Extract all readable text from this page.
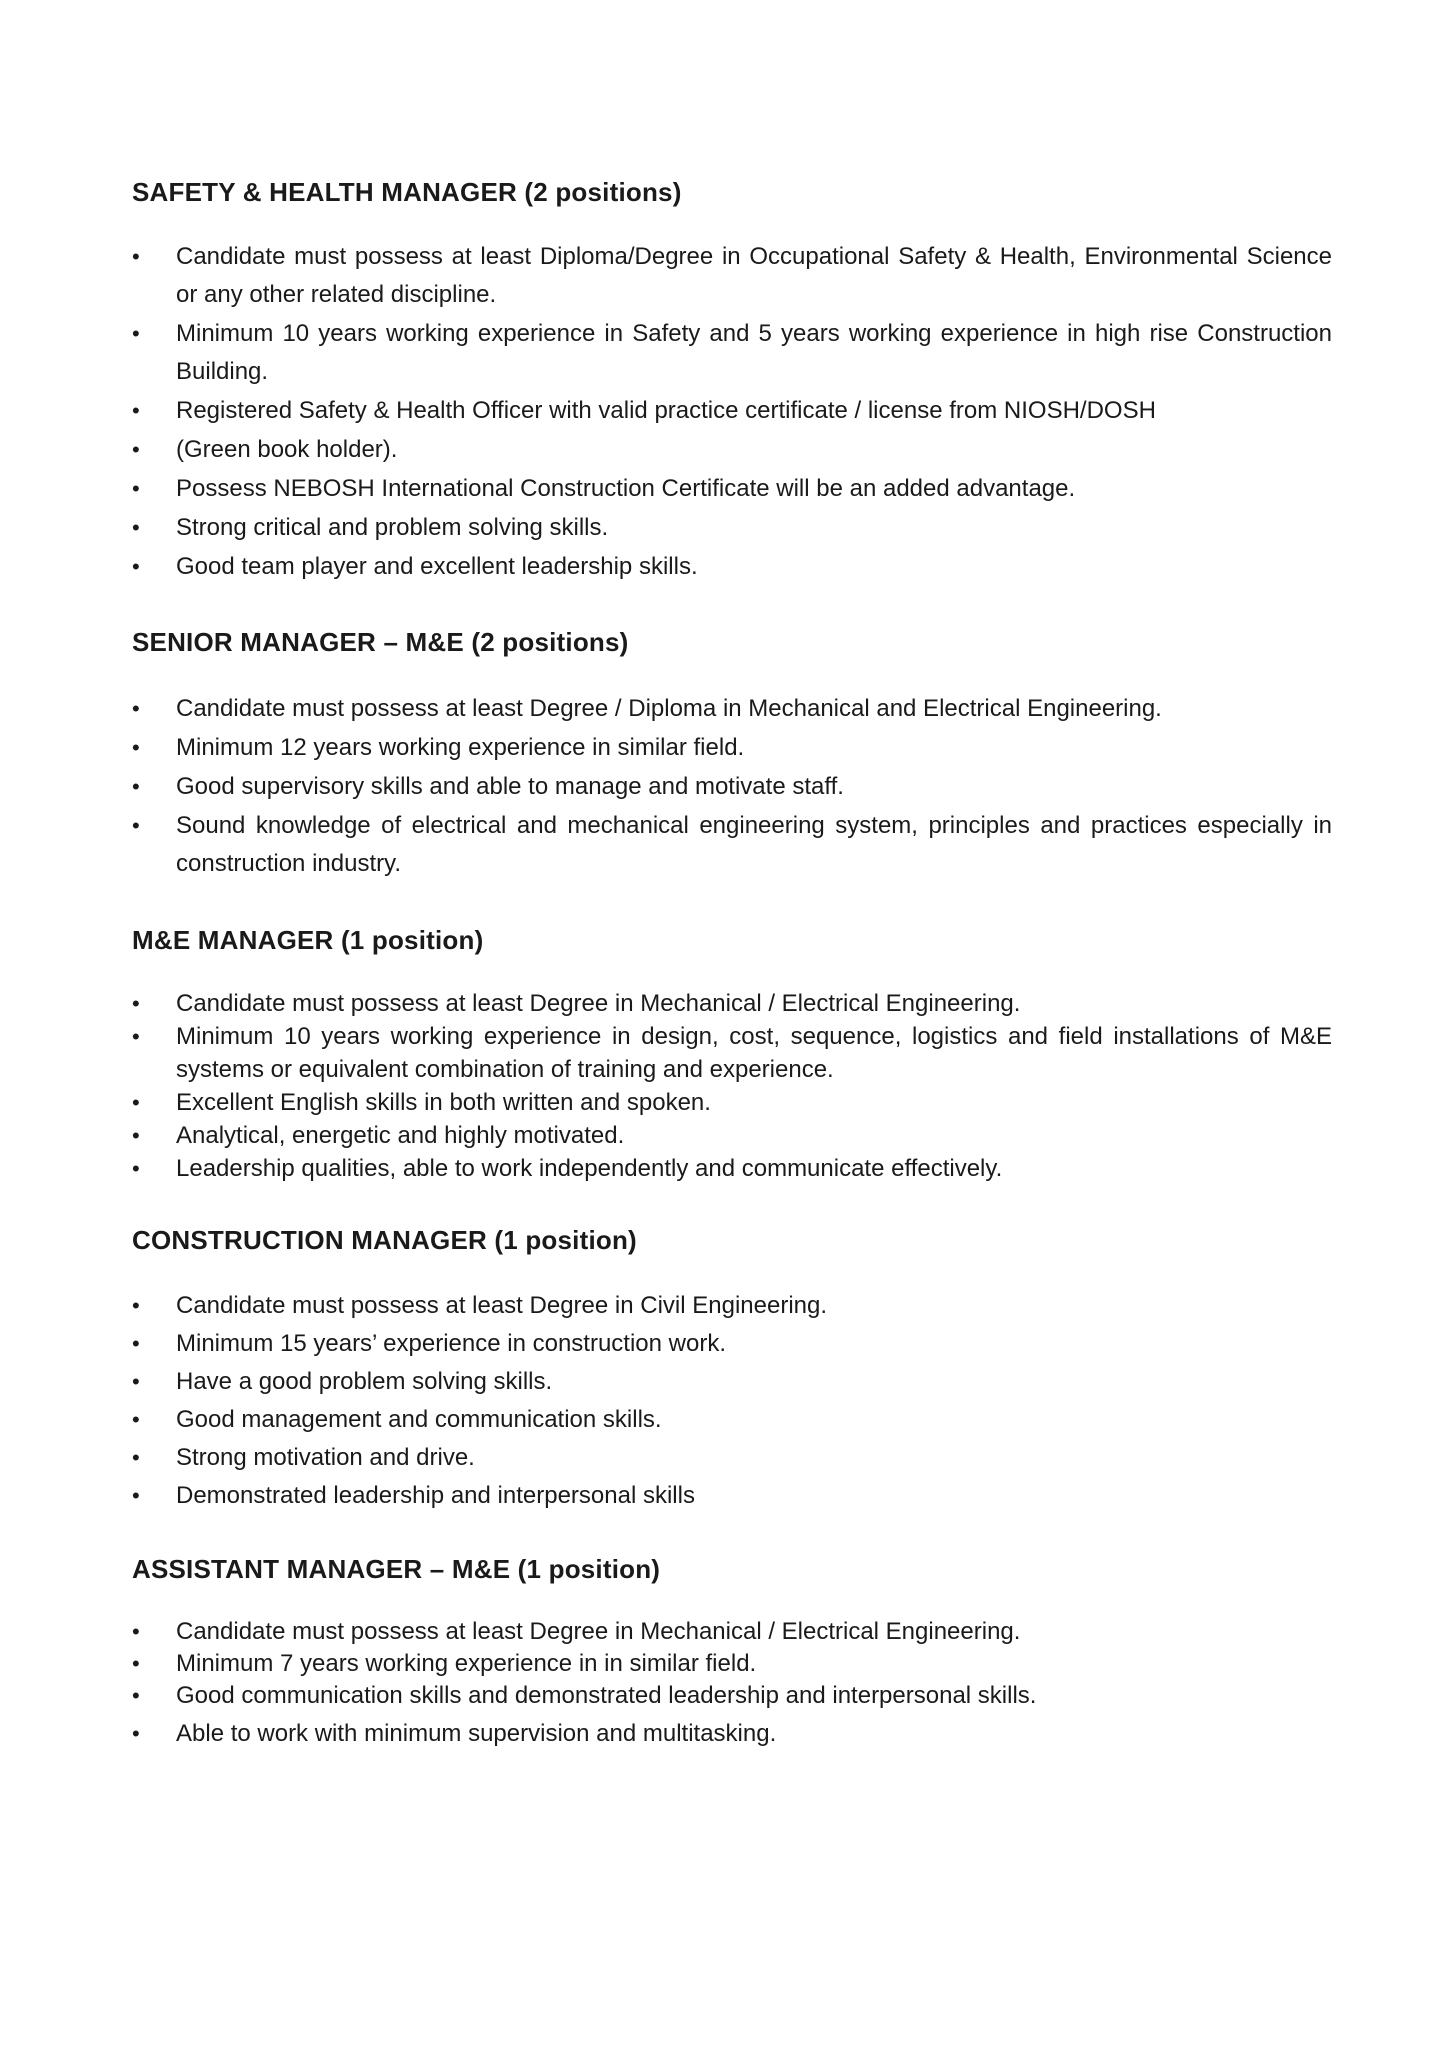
SAFETY & HEALTH MANAGER (2 positions)
•	Candidate must possess at least Diploma/Degree in Occupational Safety & Health, Environmental Science or any other related discipline.
•	Minimum 10 years working experience in Safety and 5 years working experience in high rise Construction Building.
•	Registered Safety & Health Officer with valid practice certificate / license from NIOSH/DOSH
•	(Green book holder).
•	Possess NEBOSH International Construction Certificate will be an added advantage.
•	Strong critical and problem solving skills.
•	Good team player and excellent leadership skills.
SENIOR MANAGER – M&E (2 positions)
•	Candidate must possess at least Degree / Diploma in Mechanical and Electrical Engineering.
•	Minimum 12 years working experience in similar field.
•	Good supervisory skills and able to manage and motivate staff.
•	Sound knowledge of electrical and mechanical engineering system, principles and practices especially in construction industry.
M&E MANAGER (1 position)
•	Candidate must possess at least Degree in Mechanical / Electrical Engineering.
•	Minimum 10 years working experience in design, cost, sequence, logistics and field installations of M&E systems or equivalent combination of training and experience.
•	Excellent English skills in both written and spoken.
•	Analytical, energetic and highly motivated.
•	Leadership qualities, able to work independently and communicate effectively.
CONSTRUCTION MANAGER (1 position)
•	Candidate must possess at least Degree in Civil Engineering.
•	Minimum 15 years’ experience in construction work.
•	Have a good problem solving skills.
•	Good management and communication skills.
•	Strong motivation and drive.
•	Demonstrated leadership and interpersonal skills
ASSISTANT MANAGER – M&E (1 position)
•	Candidate must possess at least Degree in Mechanical / Electrical Engineering.
•	Minimum 7 years working experience in in similar field.
•	Good communication skills and demonstrated leadership and interpersonal skills.
•	Able to work with minimum supervision and multitasking.
